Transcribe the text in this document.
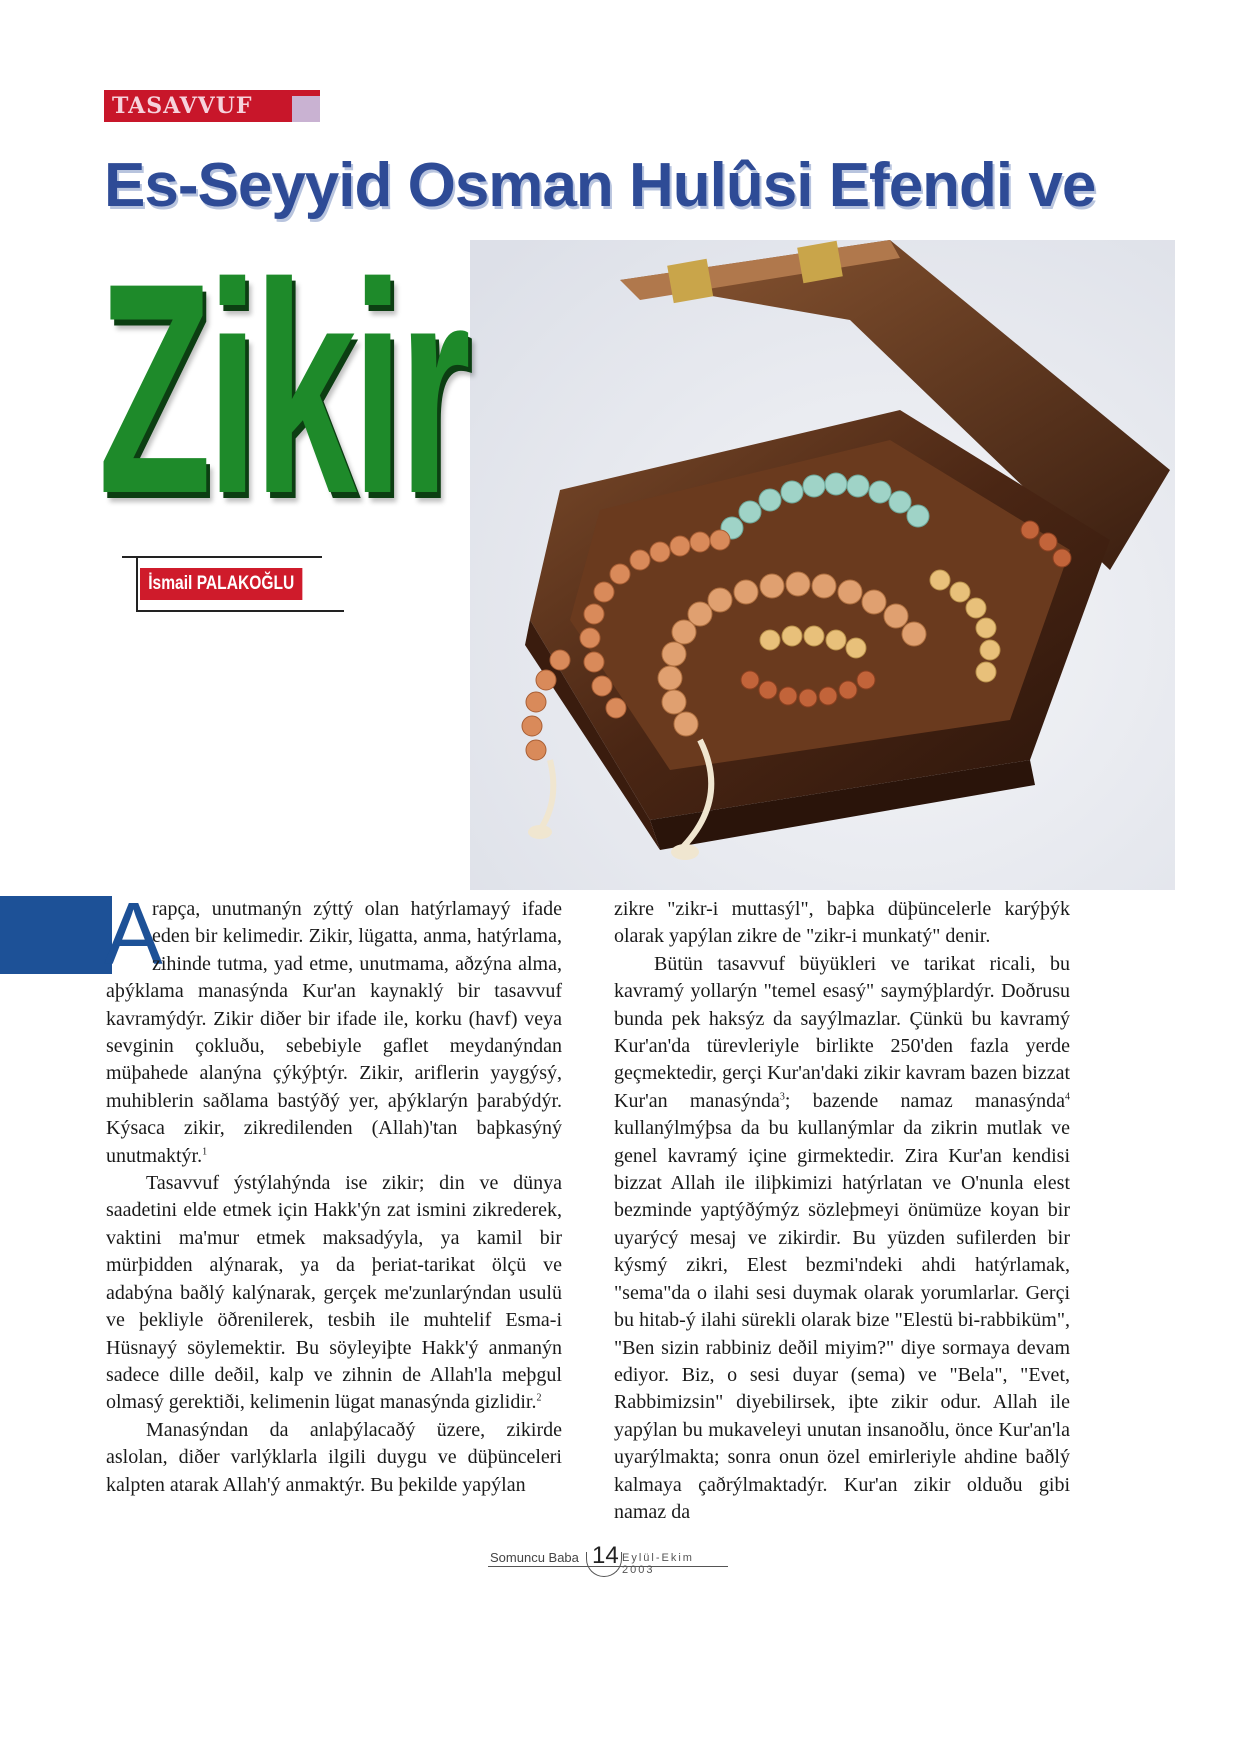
TASAVVUF
Es-Seyyid Osman Hulûsi Efendi ve
Zikir
İsmail PALAKOĞLU
A

rapça, unutmanýn zýttý olan hatýrlamayý ifade eden bir kelimedir. Zikir, lügatta, anma, hatýrlama, zihinde tutma, yad etme, unutmama, aðzýna alma, aþýklama manasýnda Kur'an kaynaklý bir tasavvuf kavramýdýr. Zikir diðer bir ifade ile, korku (havf) veya sevginin çokluðu, sebebiyle gaflet meydanýndan müþahede alanýna çýkýþtýr. Zikir, ariflerin yaygýsý, muhiblerin saðlama bastýðý yer, aþýklarýn þarabýdýr. Kýsaca zikir, zikredilenden (Allah)'tan baþkasýný unutmaktýr.$^1$

Tasavvuf ýstýlahýnda ise zikir; din ve dünya saadetini elde etmek için Hakk'ýn zat ismini zikrederek, vaktini ma'mur etmek maksadýyla, ya kamil bir mürþidden alýnarak, ya da þeriat-tarikat ölçü ve adabýna baðlý kalýnarak, gerçek me'zunlarýndan usulü ve þekliyle öðrenilerek, tesbih ile muhtelif Esma-i Hüsnayý söylemektir. Bu söyleyiþte Hakk'ý anmanýn sadece dille deðil, kalp ve zihnin de Allah'la meþgul olmasý gerektiði, kelimenin lügat manasýnda gizlidir.$^2$

Manasýndan da anlaþýlacaðý üzere, zikirde aslolan, diðer varlýklarla ilgili duygu ve düþünceleri kalpten atarak Allah'ý anmaktýr. Bu þekilde yapýlan

zikre "zikr-i muttasýl", baþka düþüncelerle karýþýk olarak yapýlan zikre de "zikr-i munkatý" denir.

Bütün tasavvuf büyükleri ve tarikat ricali, bu kavramý yollarýn "temel esasý" saymýþlardýr. Doðrusu bunda pek haksýz da sayýlmazlar. Çünkü bu kavramý Kur'an'da türevleriyle birlikte 250'den fazla yerde geçmektedir, gerçi Kur'an'daki zikir kavram bazen bizzat Kur'an manasýnda$^3$; bazende namaz manasýnda$^4$ kullanýlmýþsa da bu kullanýmlar da zikrin mutlak ve genel kavramý içine girmektedir. Zira Kur'an kendisi bizzat Allah ile iliþkimizi hatýrlatan ve O'nunla elest bezminde yaptýðýmýz sözleþmeyi önümüze koyan bir uyarýcý mesaj ve zikirdir. Bu yüzden sufilerden bir kýsmý zikri, Elest bezmi'ndeki ahdi hatýrlamak, "sema"da o ilahi sesi duymak olarak yorumlarlar. Gerçi bu hitab-ý ilahi sürekli olarak bize "Elestü bi-rabbiküm", "Ben sizin rabbiniz deðil miyim?" diye sormaya devam ediyor. Biz, o sesi duyar (sema) ve "Bela", "Evet, Rabbimizsin" diyebilirsek, iþte zikir odur. Allah ile yapýlan bu mukaveleyi unutan insanoðlu, önce Kur'an'la uyarýlmakta; sonra onun özel emirleriyle ahdine baðlý kalmaya çaðrýlmaktadýr. Kur'an zikir olduðu gibi namaz da

Somuncu Baba 14 Eylül-Ekim 2003
